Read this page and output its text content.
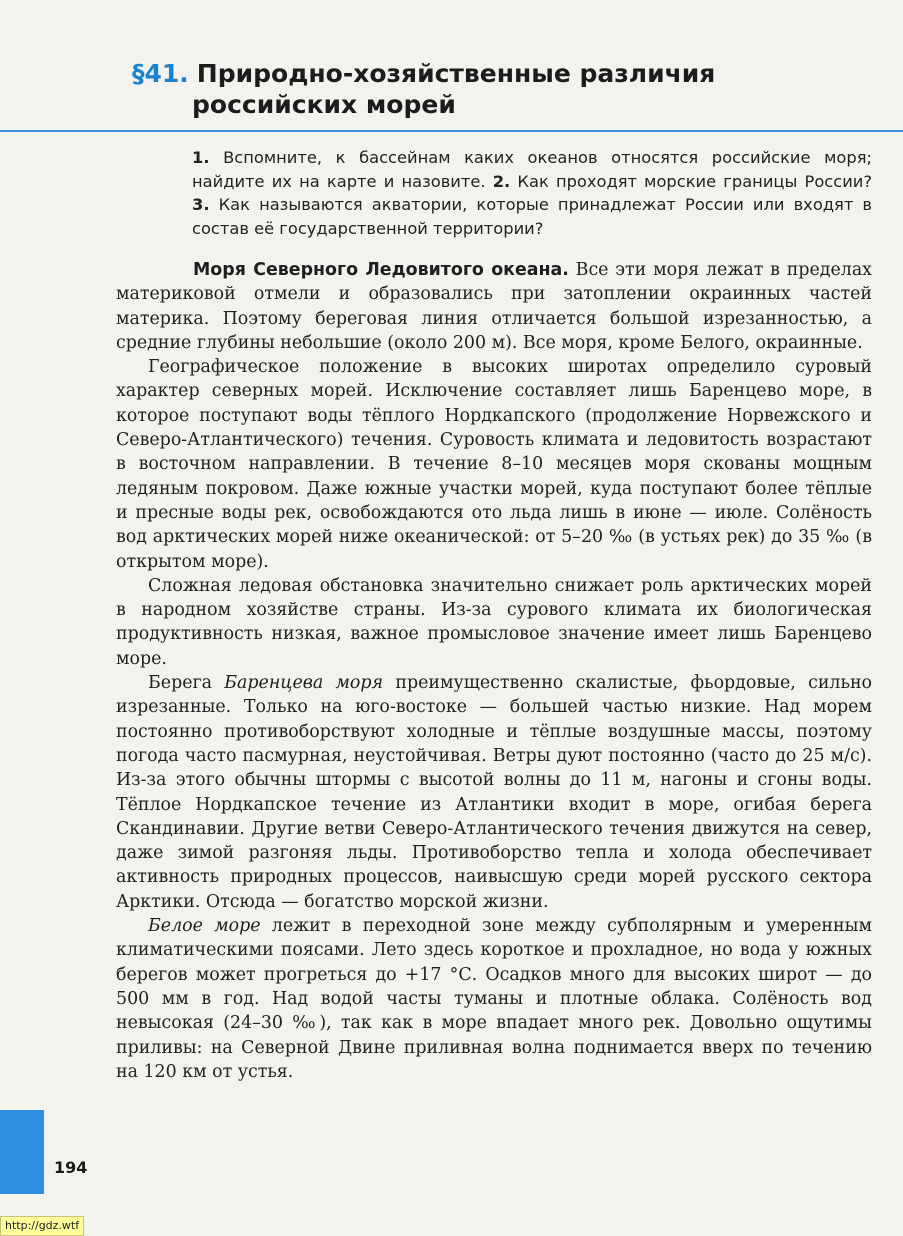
§41. Природно-хозяйственные различия
российских морей
1. Вспомните, к бассейнам каких океанов относятся российские моря; найдите их на карте и назовите. 2. Как проходят морские границы России? 3. Как называются акватории, которые принадлежат России или входят в состав её государственной территории?

Моря Северного Ледовитого океана. Все эти моря лежат в пределах материковой отмели и образовались при затоплении окраинных частей материка. Поэтому береговая линия отличается большой изрезанностью, а средние глубины небольшие (около 200 м). Все моря, кроме Белого, окраинные.

Географическое положение в высоких широтах определило суровый характер северных морей. Исключение составляет лишь Баренцево море, в которое поступают воды тёплого Нордкапского (продолжение Норвежского и Северо-Атлантического) течения. Суровость климата и ледовитость возрастают в восточном направлении. В течение 8–10 месяцев моря скованы мощным ледяным покровом. Даже южные участки морей, куда поступают более тёплые и пресные воды рек, освобождаются ото льда лишь в июне — июле. Солёность вод арктических морей ниже океанической: от 5–20 ‰ (в устьях рек) до 35 ‰ (в открытом море).

Сложная ледовая обстановка значительно снижает роль арктических морей в народном хозяйстве страны. Из-за сурового климата их биологическая продуктивность низкая, важное промысловое значение имеет лишь Баренцево море.

Берега Баренцева моря преимущественно скалистые, фьордовые, сильно изрезанные. Только на юго-востоке — большей частью низкие. Над морем постоянно противоборствуют холодные и тёплые воздушные массы, поэтому погода часто пасмурная, неустойчивая. Ветры дуют постоянно (часто до 25 м/с). Из-за этого обычны штормы с высотой волны до 11 м, нагоны и сгоны воды. Тёплое Нордкапское течение из Атлантики входит в море, огибая берега Скандинавии. Другие ветви Северо-Атлантического течения движутся на север, даже зимой разгоняя льды. Противоборство тепла и холода обеспечивает активность природных процессов, наивысшую среди морей русского сектора Арктики. Отсюда — богатство морской жизни.

Белое море лежит в переходной зоне между субполярным и умеренным климатическими поясами. Лето здесь короткое и прохладное, но вода у южных берегов может прогреться до +17 °С. Осадков много для высоких широт — до 500 мм в год. Над водой часты туманы и плотные облака. Солёность вод невысокая (24–30 ‰), так как в море впадает много рек. Довольно ощутимы приливы: на Северной Двине приливная волна поднимается вверх по течению на 120 км от устья.

194
http://gdz.wtf
